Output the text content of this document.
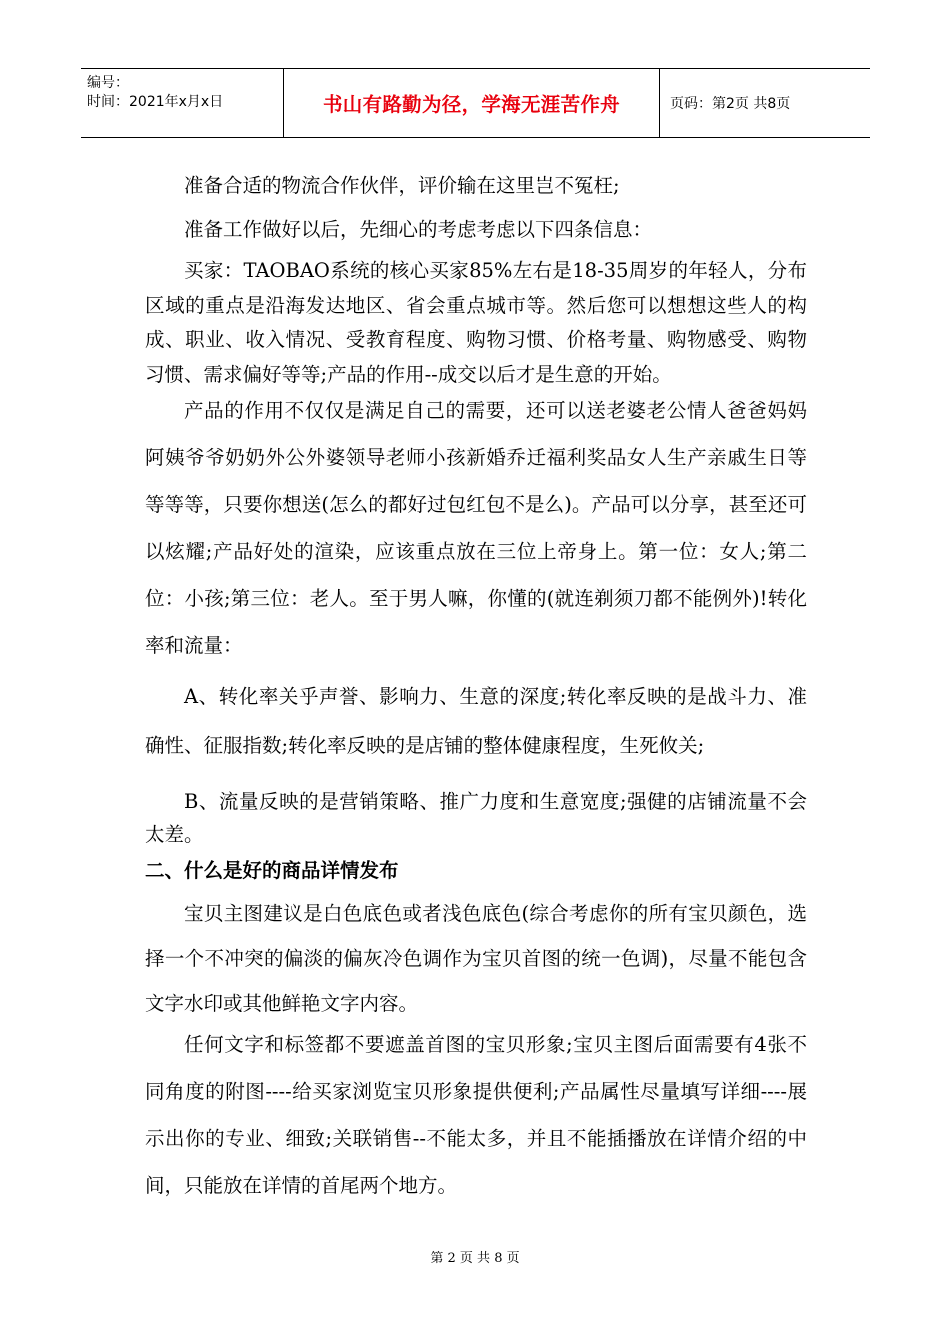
编号：
时间：2021年x月x日	书山有路勤为径，学海无涯苦作舟	页码：第2页 共8页

准备合适的物流合作伙伴，评价输在这里岂不冤枉;

准备工作做好以后，先细心的考虑考虑以下四条信息：

买家：TAOBAO系统的核心买家85%左右是18-35周岁的年轻人，分布区域的重点是沿海发达地区、省会重点城市等。然后您可以想想这些人的构成、职业、收入情况、受教育程度、购物习惯、价格考量、购物感受、购物习惯、需求偏好等等;产品的作用--成交以后才是生意的开始。

产品的作用不仅仅是满足自己的需要，还可以送老婆老公情人爸爸妈妈阿姨爷爷奶奶外公外婆领导老师小孩新婚乔迁福利奖品女人生产亲戚生日等等等等，只要你想送(怎么的都好过包红包不是么)。产品可以分享，甚至还可以炫耀;产品好处的渲染，应该重点放在三位上帝身上。第一位：女人;第二位：小孩;第三位：老人。至于男人嘛，你懂的(就连剃须刀都不能例外)!转化率和流量：

A、转化率关乎声誉、影响力、生意的深度;转化率反映的是战斗力、准确性、征服指数;转化率反映的是店铺的整体健康程度，生死攸关;

B、流量反映的是营销策略、推广力度和生意宽度;强健的店铺流量不会太差。

二、什么是好的商品详情发布

宝贝主图建议是白色底色或者浅色底色(综合考虑你的所有宝贝颜色，选择一个不冲突的偏淡的偏灰冷色调作为宝贝首图的统一色调)，尽量不能包含文字水印或其他鲜艳文字内容。

任何文字和标签都不要遮盖首图的宝贝形象;宝贝主图后面需要有4张不同角度的附图----给买家浏览宝贝形象提供便利;产品属性尽量填写详细----展示出你的专业、细致;关联销售--不能太多，并且不能插播放在详情介绍的中间，只能放在详情的首尾两个地方。

第 2 页 共 8 页
